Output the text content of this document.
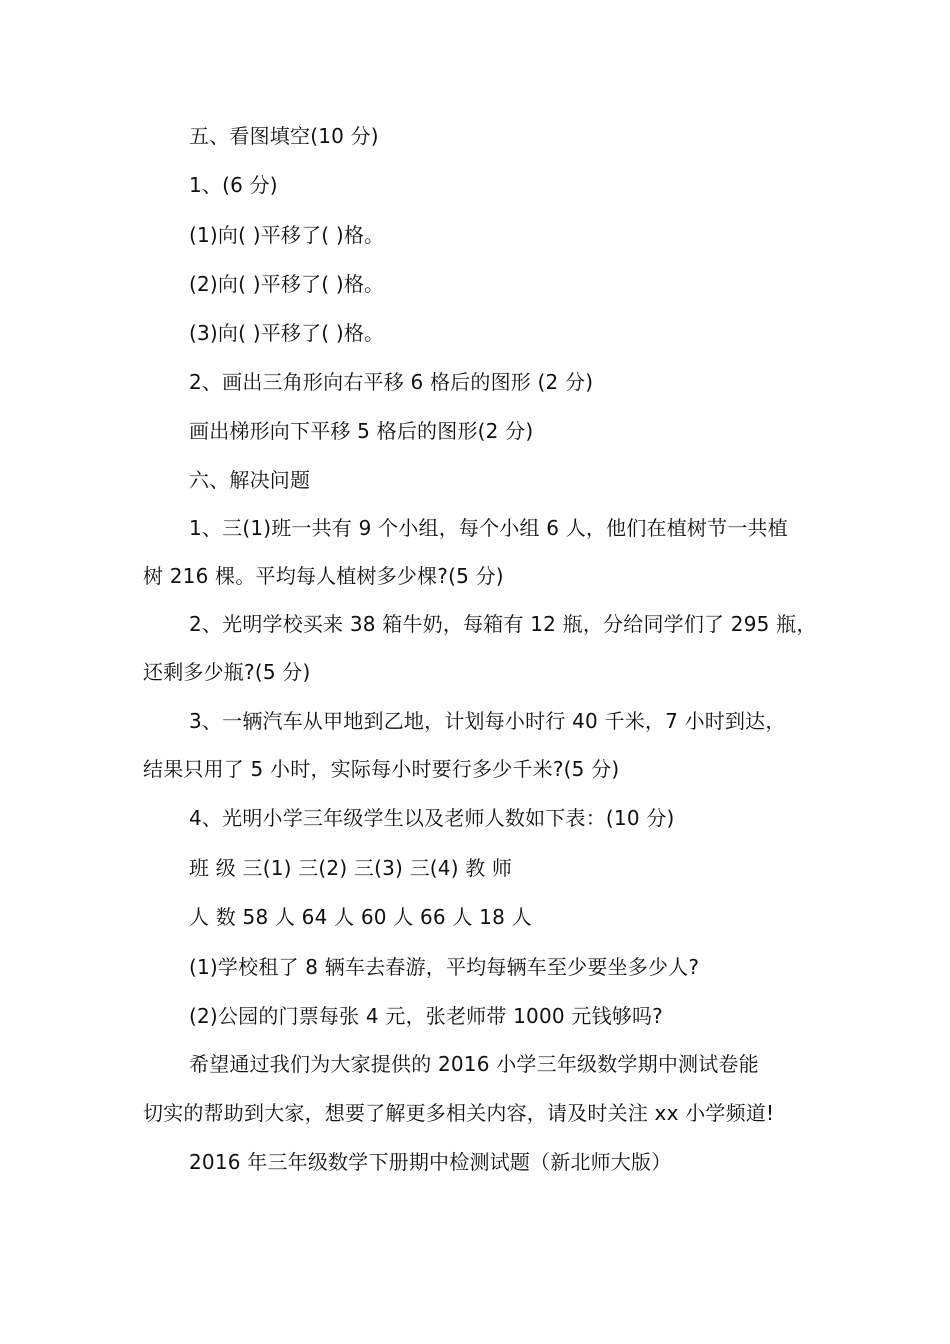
五、看图填空(10 分)
1、(6 分)
(1)向( )平移了( )格。
(2)向( )平移了( )格。
(3)向( )平移了( )格。
2、画出三角形向右平移 6 格后的图形 (2 分)
画出梯形向下平移 5 格后的图形(2 分)
六、解决问题
1、三(1)班一共有 9 个小组，每个小组 6 人，他们在植树节一共植
树 216 棵。平均每人植树多少棵?(5 分)
2、光明学校买来 38 箱牛奶，每箱有 12 瓶，分给同学们了 295 瓶，
还剩多少瓶?(5 分)
3、一辆汽车从甲地到乙地，计划每小时行 40 千米，7 小时到达，
结果只用了 5 小时，实际每小时要行多少千米?(5 分)
4、光明小学三年级学生以及老师人数如下表：(10 分)
班 级 三(1) 三(2) 三(3) 三(4) 教 师
人 数 58 人 64 人 60 人 66 人 18 人
(1)学校租了 8 辆车去春游，平均每辆车至少要坐多少人?
(2)公园的门票每张 4 元，张老师带 1000 元钱够吗?
希望通过我们为大家提供的 2016 小学三年级数学期中测试卷能
切实的帮助到大家，想要了解更多相关内容，请及时关注 xx 小学频道!
2016 年三年级数学下册期中检测试题（新北师大版）
